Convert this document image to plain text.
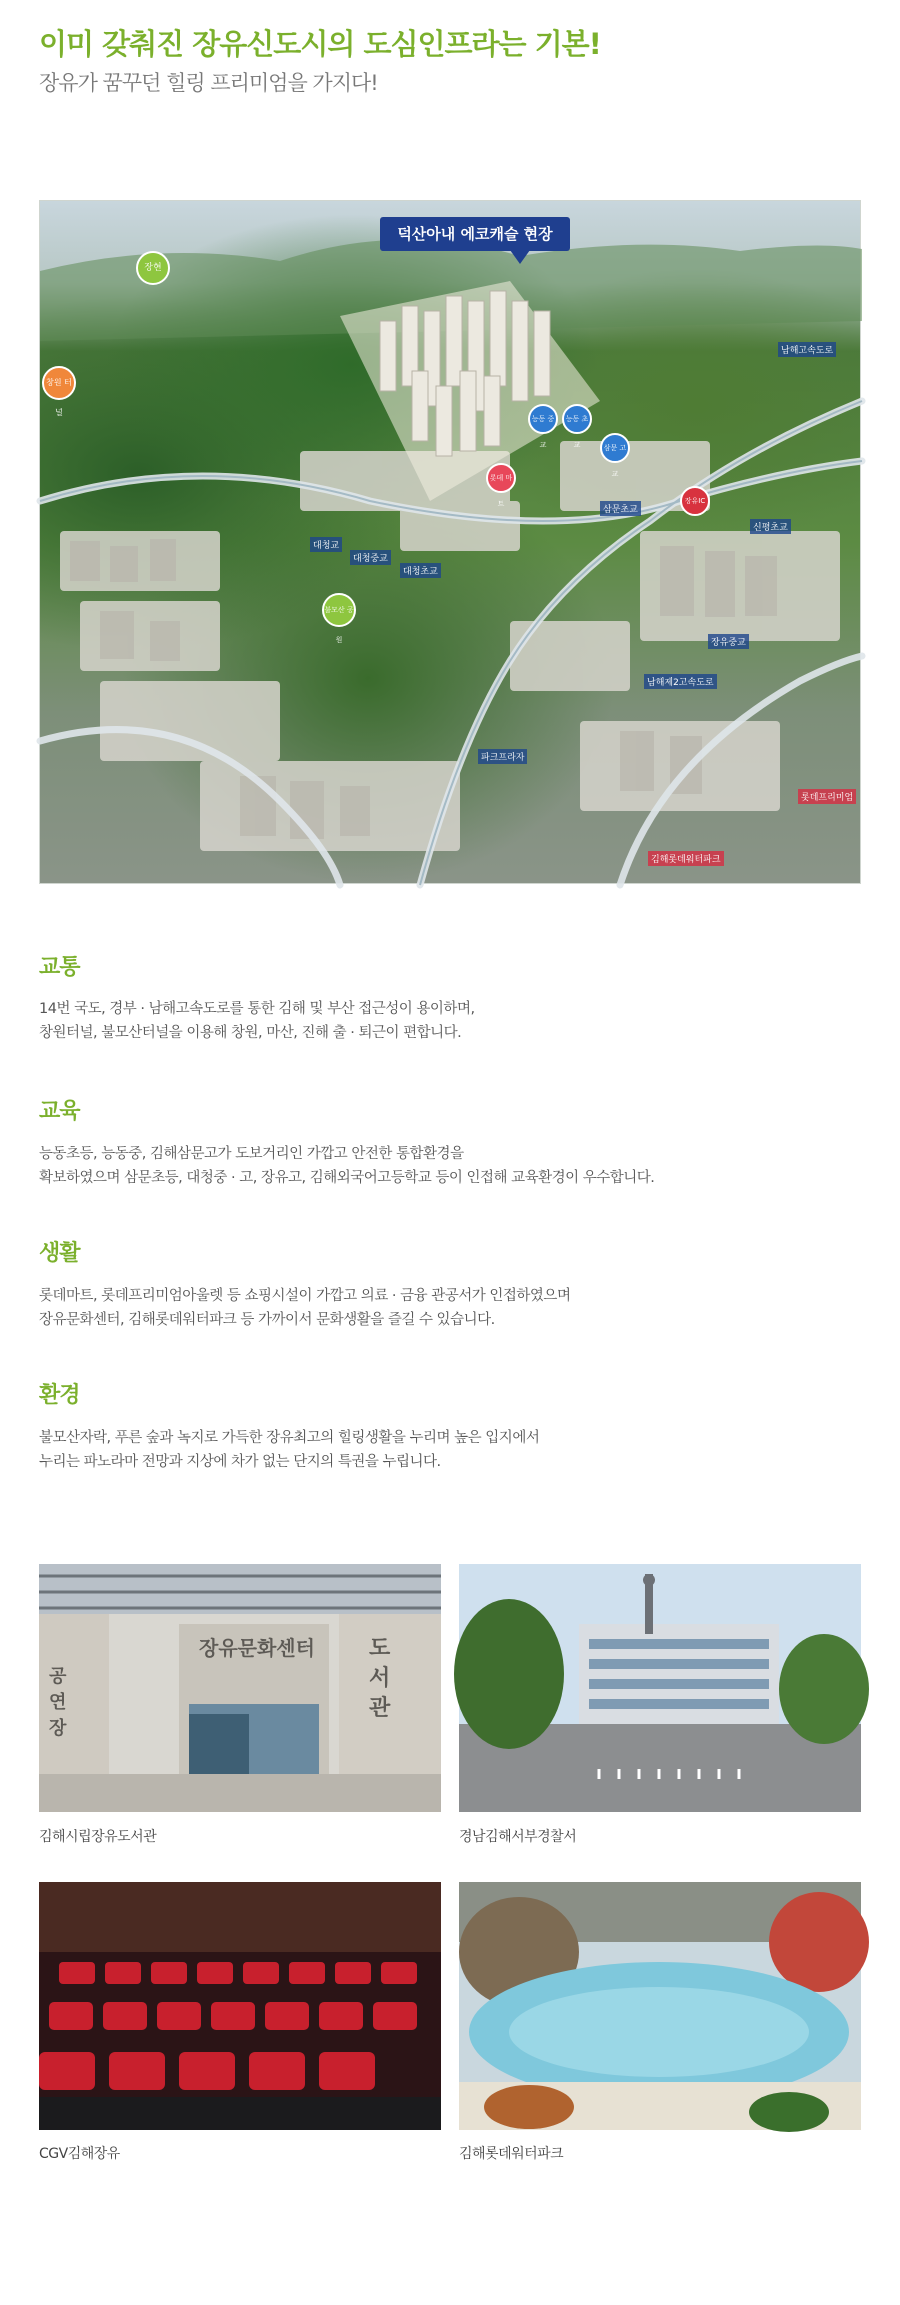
이미 갖춰진 장유신도시의 도심인프라는 기본!
장유가 꿈꾸던 힐링 프리미엄을 가지다!
덕산아내 에코캐슬 현장
장현
창원 터널
능동 중교
능동 초교	삼문 고교
장유IC
롯데 마트
불모산 공원
대청교
대청중교
대청초교
삼문초교
장유중교
남해제2고속도로
남해고속도로
파크프라자
롯데프리미엄
김해롯데워터파크
신평초교
교통
14번 국도, 경부 · 남해고속도로를 통한 김해 및 부산 접근성이 용이하며,
창원터널, 불모산터널을 이용해 창원, 마산, 진해 출 · 퇴근이 편합니다.
교육
능동초등, 능동중, 김해삼문고가 도보거리인 가깝고 안전한 통합환경을
확보하였으며 삼문초등, 대청중 · 고, 장유고, 김해외국어고등학교 등이 인접해 교육환경이 우수합니다.
생활
롯데마트, 롯데프리미엄아울렛 등 쇼핑시설이 가깝고 의료 · 금융 관공서가 인접하였으며
장유문화센터, 김해롯데워터파크 등 가까이서 문화생활을 즐길 수 있습니다.
환경
불모산자락, 푸른 숲과 녹지로 가득한 장유최고의 힐링생활을 누리며 높은 입지에서
누리는 파노라마 전망과 지상에 차가 없는 단지의 특권을 누립니다.
장유문화센터 도서관
공연장
김해시립장유도서관	경남김해서부경찰서
CGV김해장유	김해롯데워터파크
